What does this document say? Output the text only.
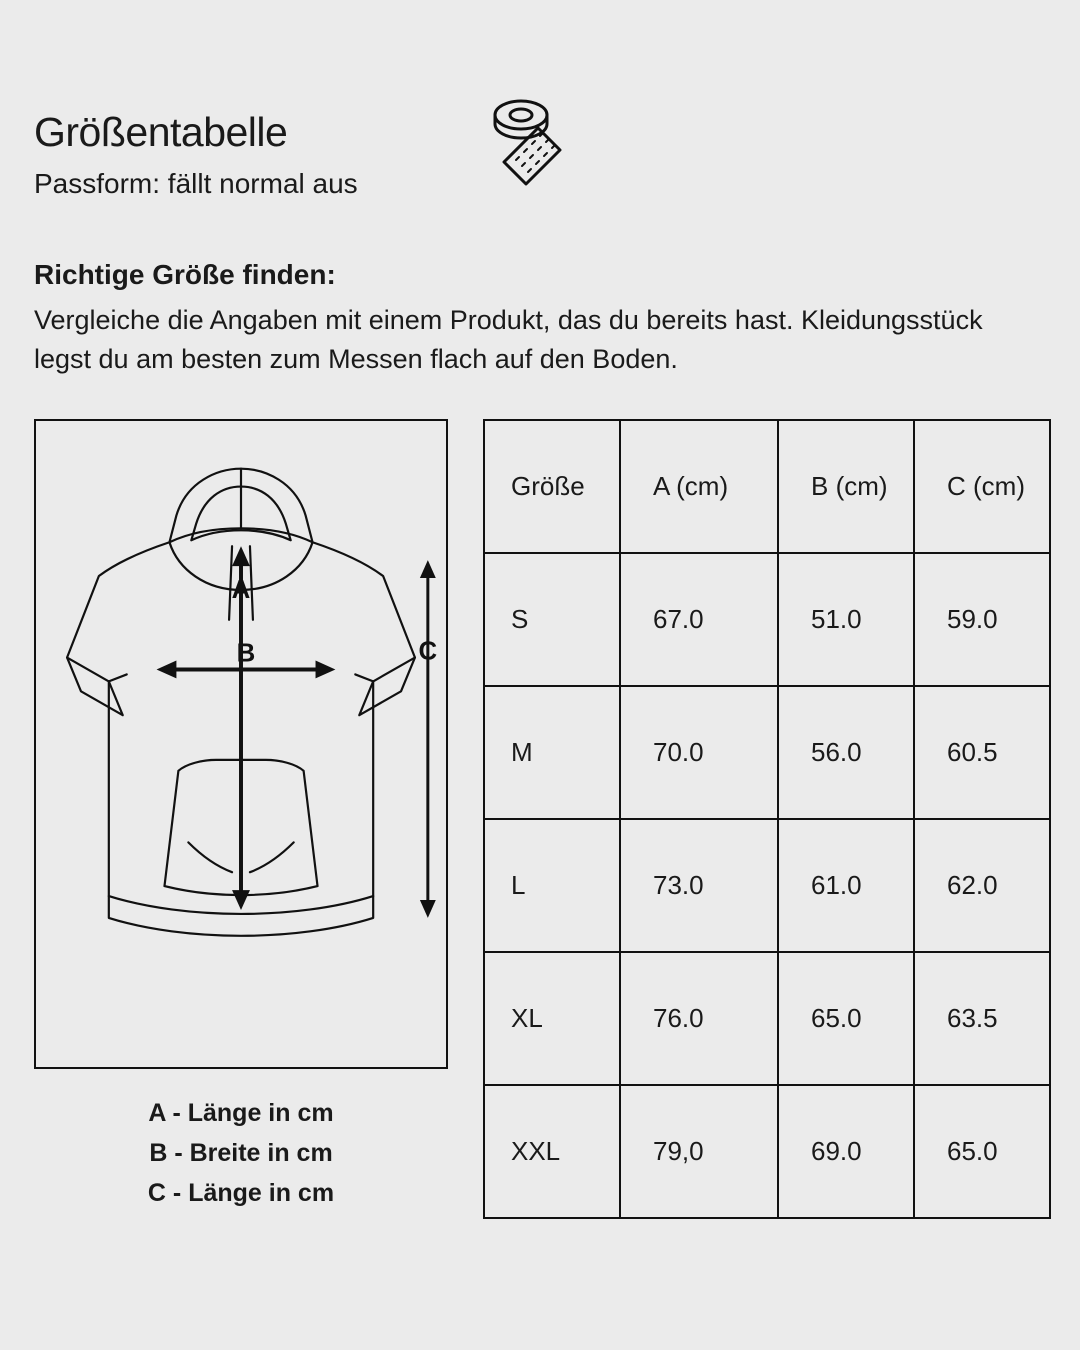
Größentabelle

Passform: fällt normal aus

Richtige Größe finden:

Vergleiche die Angaben mit einem Produkt, das du bereits hast. Kleidungsstück legst du am besten zum Messen flach auf den Boden.

A
B	C
A - Länge in cm
B - Breite in cm
C - Länge in cm
Größe	A (cm)	B (cm)	C (cm)
S	67.0	51.0	59.0
M	70.0	56.0	60.5
L	73.0	61.0	62.0
XL	76.0	65.0	63.5
XXL	79,0	69.0	65.0
